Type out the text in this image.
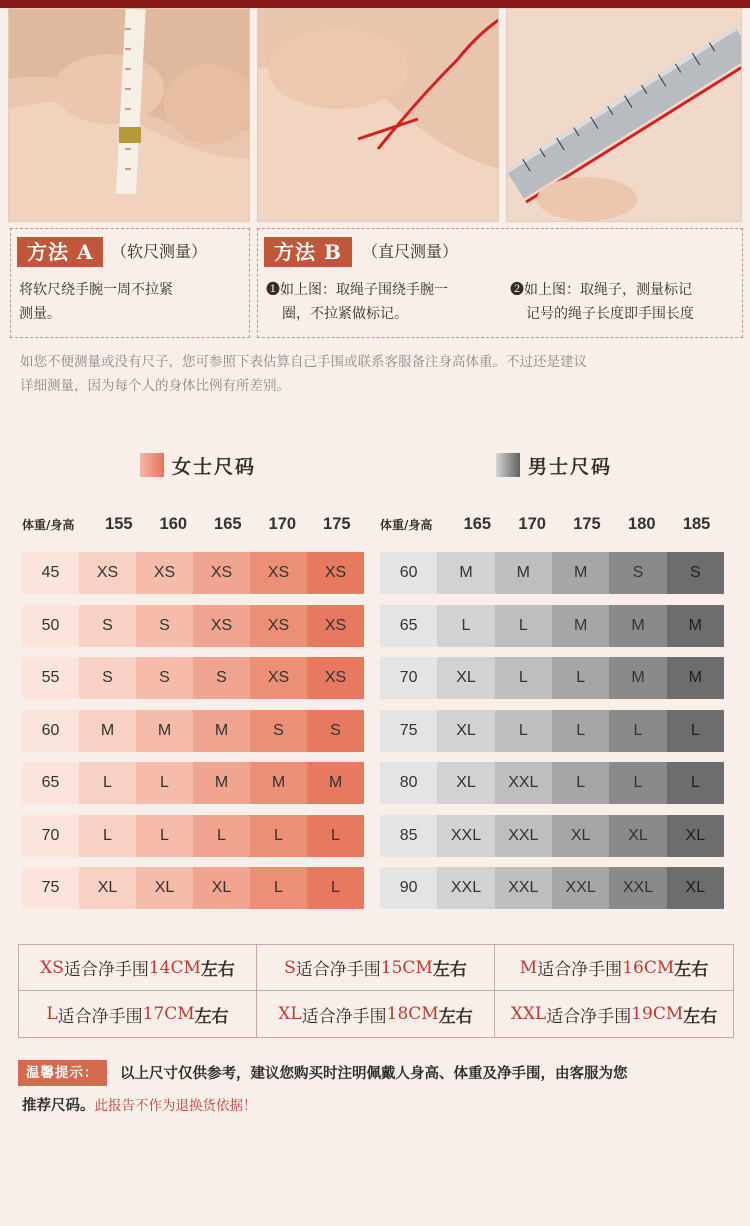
方法 A	（软尺测量）
将软尺绕手腕一周不拉紧
测量。
方法 B	（直尺测量）
❶如上图：取绳子围绕手腕一
圈，不拉紧做标记。
❷如上图：取绳子，测量标记
记号的绳子长度即手围长度
如您不便测量或没有尺子，您可参照下表估算自己手围或联系客服备注身高体重。不过还是建议
详细测量，因为每个人的身体比例有所差别。
女士尺码	男士尺码
体重/身高	155	160	165	170	175	体重/身高	165	170	175	180	185
45	XS	XS	XS	XS	XS
50	S	S	XS	XS	XS
55	S	S	S	XS	XS
60	M	M	M	S	S
65	L	L	M	M	M
70	L	L	L	L	L
75	XL	XL	XL	L	L
60	M	M	M	S	S
65	L	L	M	M	M
70	XL	L	L	M	M
75	XL	L	L	L	L
80	XL	XXL	L	L	L
85	XXL	XXL	XL	XL	XL
90	XXL	XXL	XXL	XXL	XL
XS 适合净手围 14CM 左右	S 适合净手围 15CM 左右	M 适合净手围 16CM 左右
L 适合净手围 17CM 左右	XL 适合净手围 18CM 左右 XXL 适合净手围 19CM 左右
温馨提示：	以上尺寸仅供参考，建议您购买时注明佩戴人身高、体重及净手围，由客服为您
推荐尺码。此报告不作为退换货依据！
